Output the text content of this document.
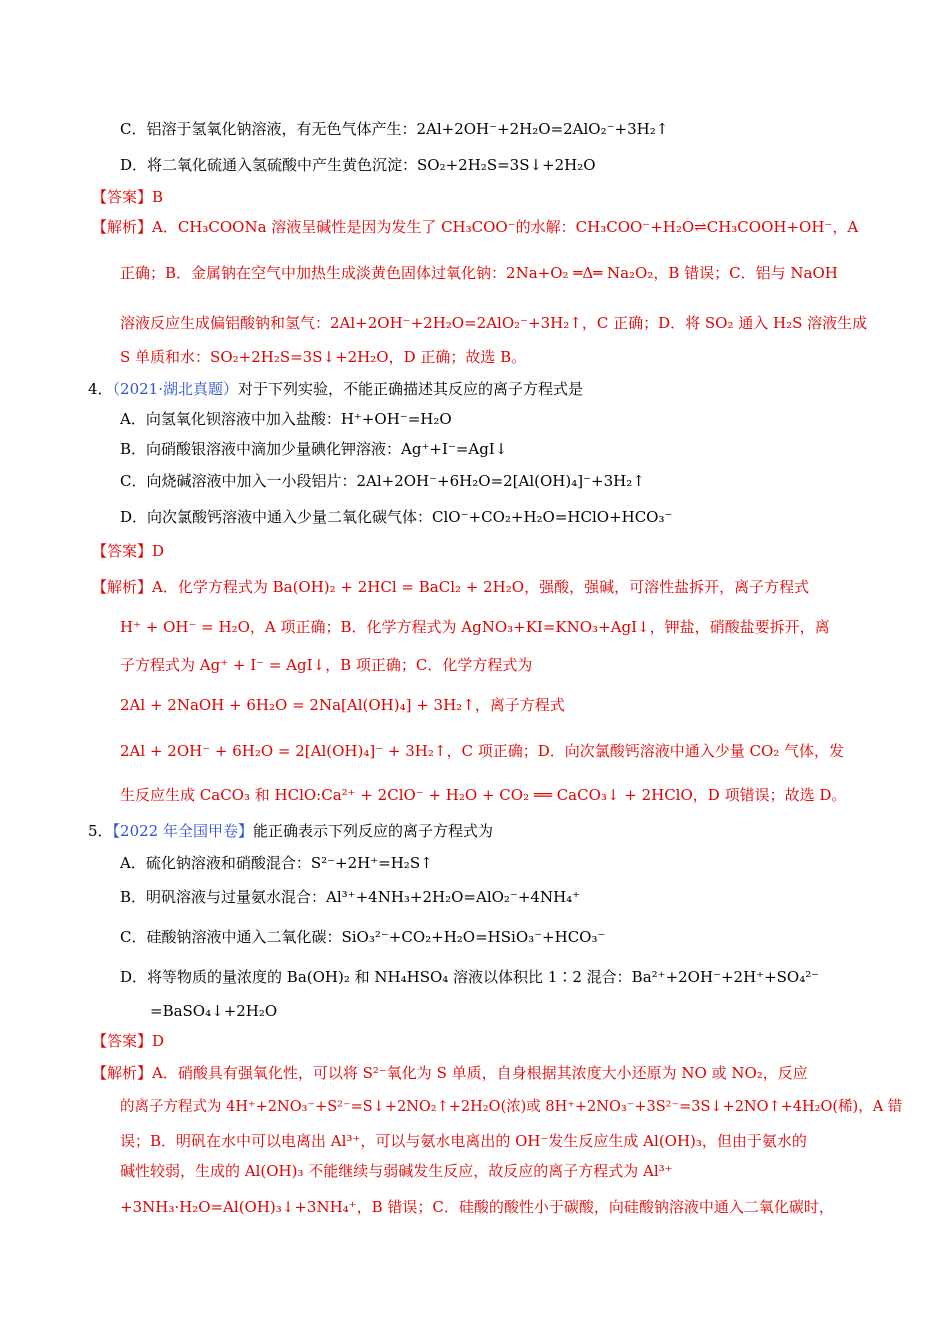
C．铝溶于氢氧化钠溶液，有无色气体产生：2Al+2OH⁻+2H₂O=2AlO₂⁻+3H₂↑
D．将二氧化硫通入氢硫酸中产生黄色沉淀：SO₂+2H₂S=3S↓+2H₂O
【答案】B
【解析】A．CH₃COONa 溶液呈碱性是因为发生了 CH₃COO⁻的水解：CH₃COO⁻+H₂O⇌CH₃COOH+OH⁻，A
正确；B．金属钠在空气中加热生成淡黄色固体过氧化钠：2Na+O₂ ═Δ═ Na₂O₂，B 错误；C．铝与 NaOH
溶液反应生成偏铝酸钠和氢气：2Al+2OH⁻+2H₂O=2AlO₂⁻+3H₂↑，C 正确；D．将 SO₂ 通入 H₂S 溶液生成
S 单质和水：SO₂+2H₂S=3S↓+2H₂O，D 正确；故选 B。
4．（2021·湖北真题）对于下列实验，不能正确描述其反应的离子方程式是
A．向氢氧化钡溶液中加入盐酸：H⁺+OH⁻=H₂O
B．向硝酸银溶液中滴加少量碘化钾溶液：Ag⁺+I⁻=AgI↓
C．向烧碱溶液中加入一小段铝片：2Al+2OH⁻+6H₂O=2[Al(OH)₄]⁻+3H₂↑
D．向次氯酸钙溶液中通入少量二氧化碳气体：ClO⁻+CO₂+H₂O=HClO+HCO₃⁻
【答案】D
【解析】A．化学方程式为 Ba(OH)₂ + 2HCl = BaCl₂ + 2H₂O，强酸，强碱，可溶性盐拆开，离子方程式
H⁺ + OH⁻ = H₂O，A 项正确；B．化学方程式为 AgNO₃+KI=KNO₃+AgI↓，钾盐，硝酸盐要拆开，离
子方程式为 Ag⁺ + I⁻ = AgI↓，B 项正确；C．化学方程式为
2Al + 2NaOH + 6H₂O = 2Na[Al(OH)₄] + 3H₂↑，离子方程式
2Al + 2OH⁻ + 6H₂O = 2[Al(OH)₄]⁻ + 3H₂↑，C 项正确；D．向次氯酸钙溶液中通入少量 CO₂ 气体，发
生反应生成 CaCO₃ 和 HClO:Ca²⁺ + 2ClO⁻ + H₂O + CO₂ ══ CaCO₃↓ + 2HClO，D 项错误；故选 D。
5．【2022 年全国甲卷】能正确表示下列反应的离子方程式为
A．硫化钠溶液和硝酸混合：S²⁻+2H⁺=H₂S↑
B．明矾溶液与过量氨水混合：Al³⁺+4NH₃+2H₂O=AlO₂⁻+4NH₄⁺
C．硅酸钠溶液中通入二氧化碳：SiO₃²⁻+CO₂+H₂O=HSiO₃⁻+HCO₃⁻
D．将等物质的量浓度的 Ba(OH)₂ 和 NH₄HSO₄ 溶液以体积比 1∶2 混合：Ba²⁺+2OH⁻+2H⁺+SO₄²⁻
=BaSO₄↓+2H₂O
【答案】D
【解析】A．硝酸具有强氧化性，可以将 S²⁻氧化为 S 单质，自身根据其浓度大小还原为 NO 或 NO₂，反应
的离子方程式为 4H⁺+2NO₃⁻+S²⁻=S↓+2NO₂↑+2H₂O(浓)或 8H⁺+2NO₃⁻+3S²⁻=3S↓+2NO↑+4H₂O(稀)，A 错
误；B．明矾在水中可以电离出 Al³⁺，可以与氨水电离出的 OH⁻发生反应生成 Al(OH)₃，但由于氨水的
碱性较弱，生成的 Al(OH)₃ 不能继续与弱碱发生反应，故反应的离子方程式为 Al³⁺
+3NH₃·H₂O=Al(OH)₃↓+3NH₄⁺，B 错误；C．硅酸的酸性小于碳酸，向硅酸钠溶液中通入二氧化碳时，
